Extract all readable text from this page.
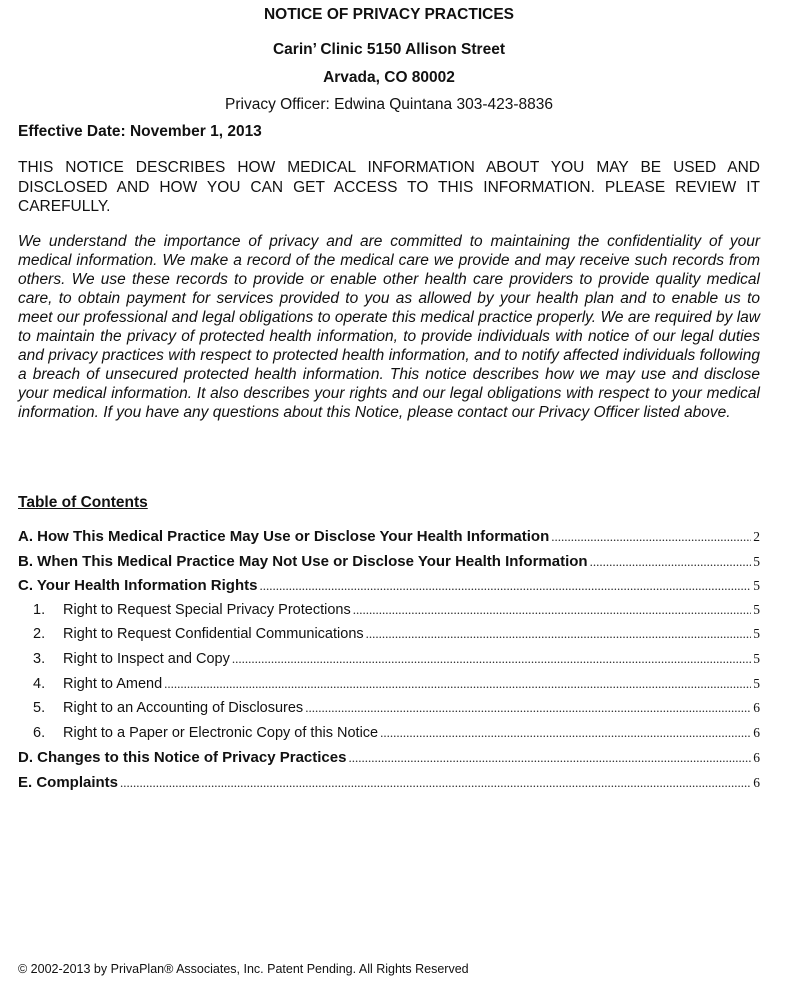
NOTICE OF PRIVACY PRACTICES
Carin’ Clinic 5150 Allison Street
Arvada, CO 80002
Privacy Officer: Edwina Quintana 303-423-8836
Effective Date: November 1, 2013
THIS NOTICE DESCRIBES HOW MEDICAL INFORMATION ABOUT YOU MAY BE USED AND DISCLOSED AND HOW YOU CAN GET ACCESS TO THIS INFORMATION. PLEASE REVIEW IT CAREFULLY.
We understand the importance of privacy and are committed to maintaining the confidentiality of your medical information. We make a record of the medical care we provide and may receive such records from others. We use these records to provide or enable other health care providers to provide quality medical care, to obtain payment for services provided to you as allowed by your health plan and to enable us to meet our professional and legal obligations to operate this medical practice properly. We are required by law to maintain the privacy of protected health information, to provide individuals with notice of our legal duties and privacy practices with respect to protected health information, and to notify affected individuals following a breach of unsecured protected health information. This notice describes how we may use and disclose your medical information. It also describes your rights and our legal obligations with respect to your medical information. If you have any questions about this Notice, please contact our Privacy Officer listed above.
Table of Contents
A. How This Medical Practice May Use or Disclose Your Health Information .....	2
B. When This Medical Practice May Not Use or Disclose Your Health Information .....	5
C. Your Health Information Rights .....	5
1.	Right to Request Special Privacy Protections .....	5
2.	Right to Request Confidential Communications .....	5
3.	Right to Inspect and Copy .....	5
4.	Right to Amend .....	5
5.	Right to an Accounting of Disclosures .....	6
6.	Right to a Paper or Electronic Copy of this Notice .....	6
D. Changes to this Notice of Privacy Practices .....	6
E. Complaints .....	6
© 2002-2013 by PrivaPlan® Associates, Inc. Patent Pending. All Rights Reserved
